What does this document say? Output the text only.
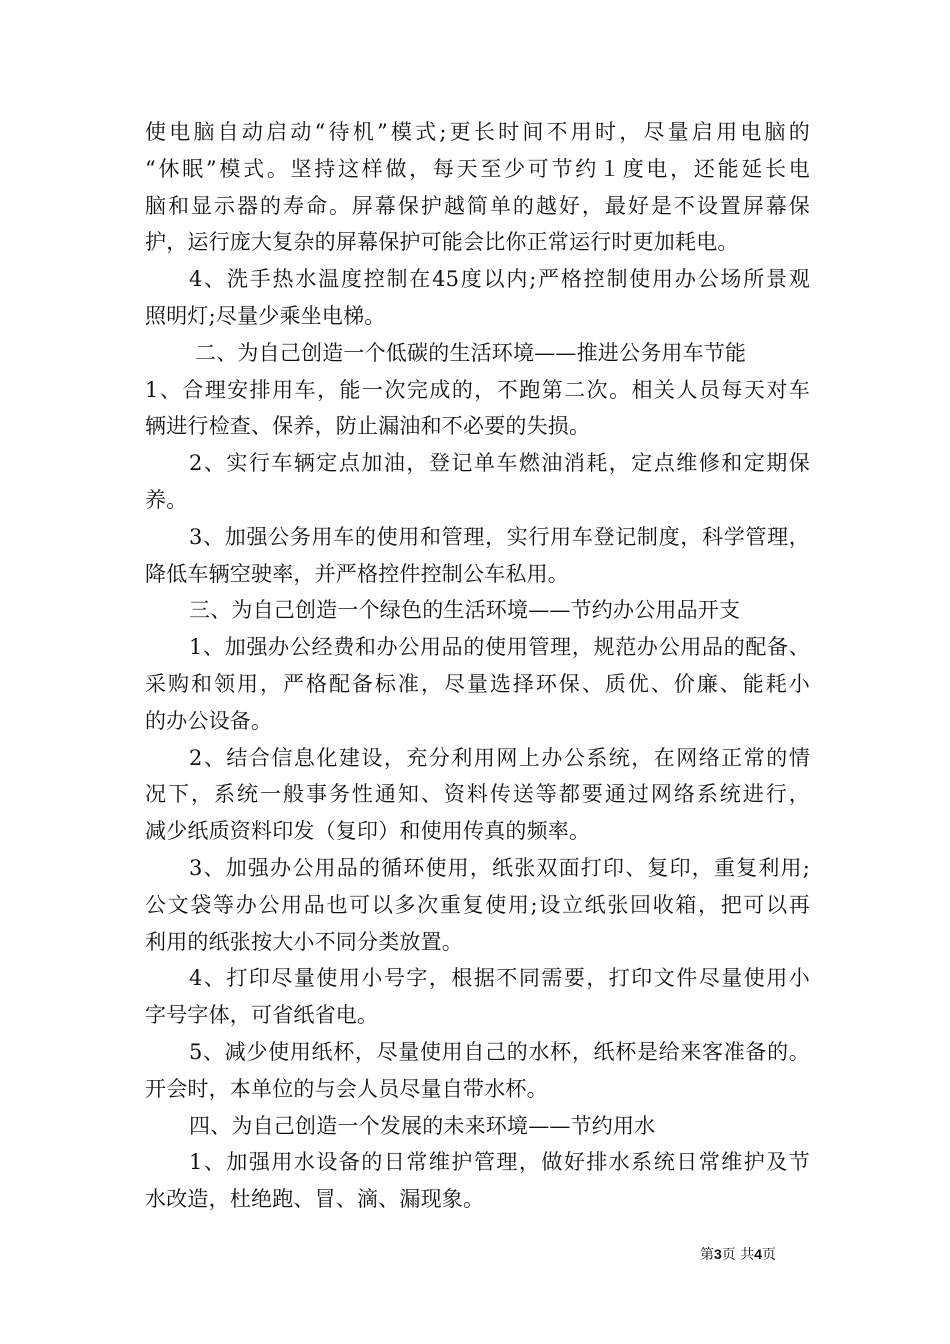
使电脑自动启动“待机”模式;更长时间不用时，尽量启用电脑的
“休眠”模式。坚持这样做，每天至少可节约１度电，还能延长电
脑和显示器的寿命。屏幕保护越简单的越好，最好是不设置屏幕保
护，运行庞大复杂的屏幕保护可能会比你正常运行时更加耗电。
4、洗手热水温度控制在45度以内;严格控制使用办公场所景观
照明灯;尽量少乘坐电梯。
二、为自己创造一个低碳的生活环境——推进公务用车节能
1、合理安排用车，能一次完成的，不跑第二次。相关人员每天对车
辆进行检查、保养，防止漏油和不必要的失损。
2、实行车辆定点加油，登记单车燃油消耗，定点维修和定期保
养。
3、加强公务用车的使用和管理，实行用车登记制度，科学管理，
降低车辆空驶率，并严格控件控制公车私用。
三、为自己创造一个绿色的生活环境——节约办公用品开支
1、加强办公经费和办公用品的使用管理，规范办公用品的配备、
采购和领用，严格配备标准，尽量选择环保、质优、价廉、能耗小
的办公设备。
2、结合信息化建设，充分利用网上办公系统，在网络正常的情
况下，系统一般事务性通知、资料传送等都要通过网络系统进行，
减少纸质资料印发（复印）和使用传真的频率。
3、加强办公用品的循环使用，纸张双面打印、复印，重复利用;
公文袋等办公用品也可以多次重复使用;设立纸张回收箱，把可以再
利用的纸张按大小不同分类放置。
4、打印尽量使用小号字，根据不同需要，打印文件尽量使用小
字号字体，可省纸省电。
5、减少使用纸杯，尽量使用自己的水杯，纸杯是给来客准备的。
开会时，本单位的与会人员尽量自带水杯。
四、为自己创造一个发展的未来环境——节约用水
1、加强用水设备的日常维护管理，做好排水系统日常维护及节
水改造，杜绝跑、冒、滴、漏现象。
第3页 共4页
